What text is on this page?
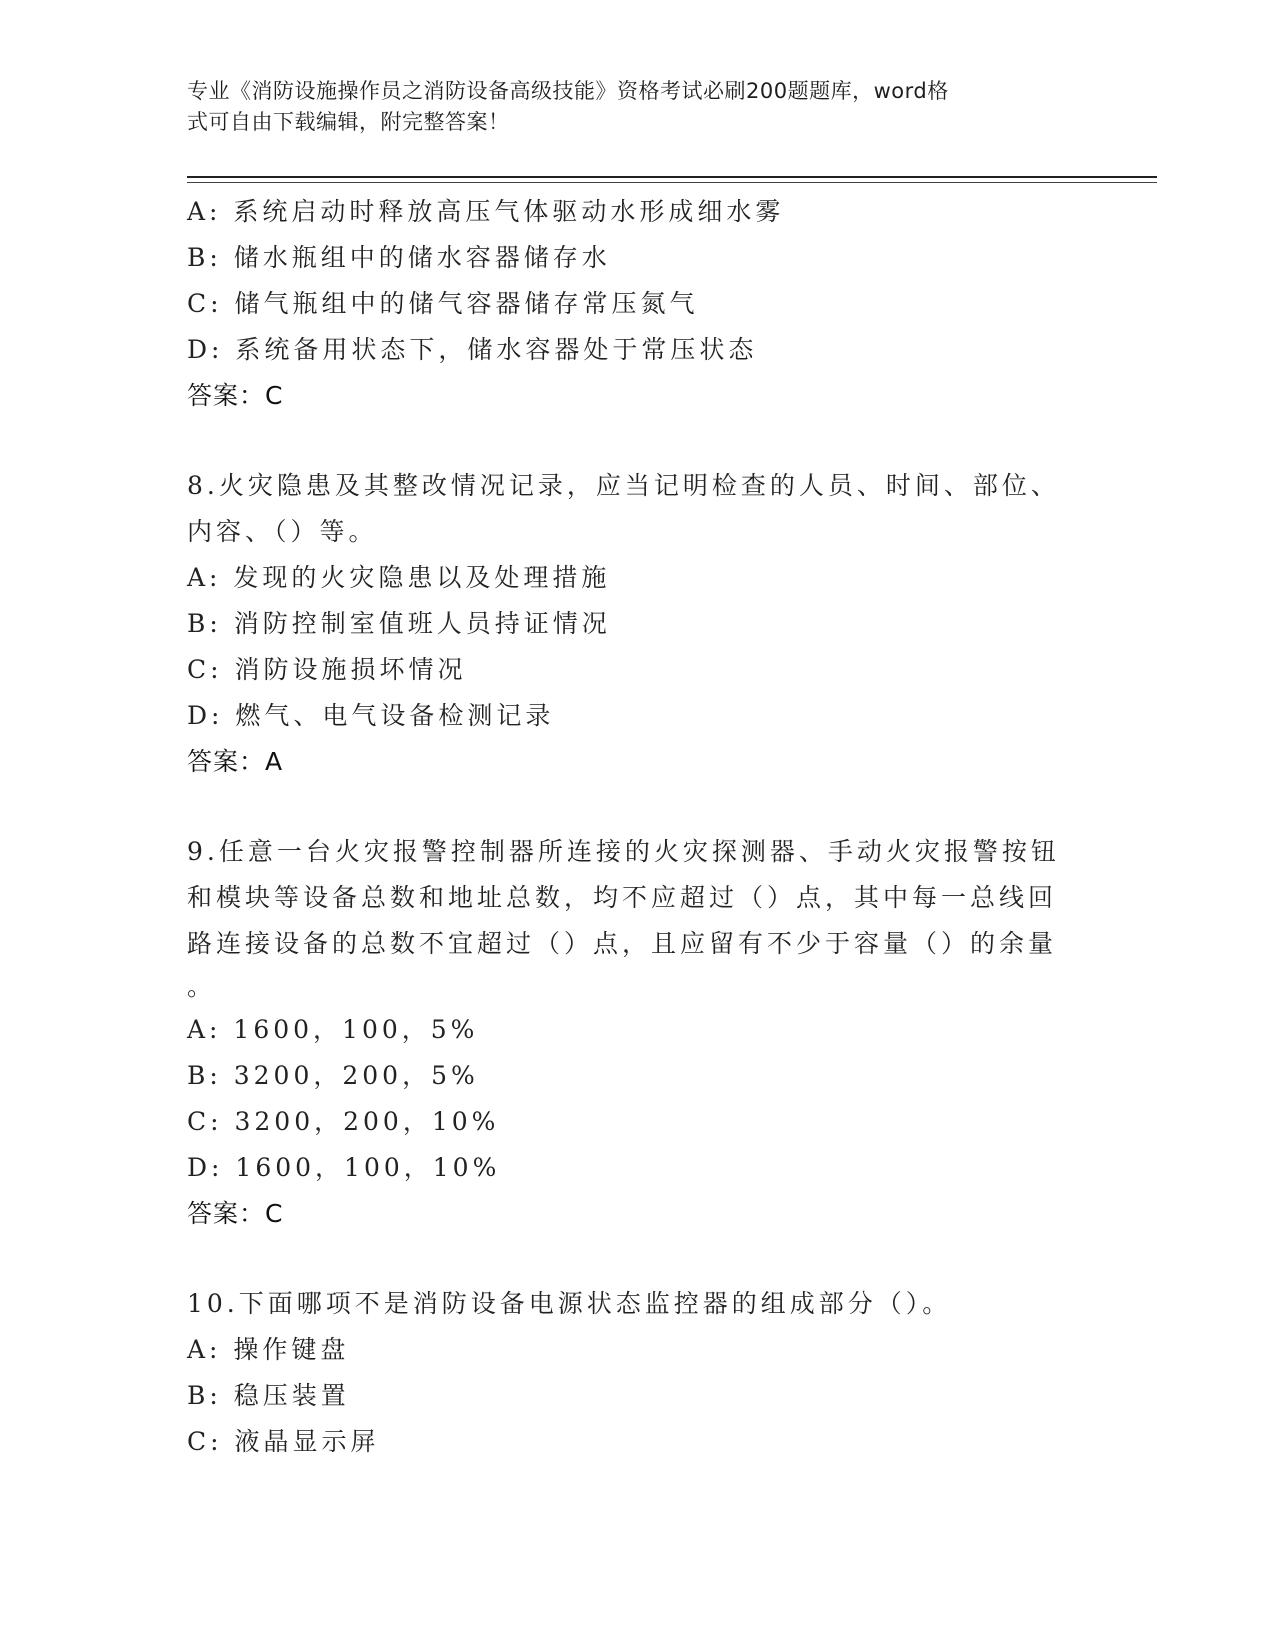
专业《消防设施操作员之消防设备高级技能》资格考试必刷200题题库，word格
式可自由下载编辑，附完整答案！
A: 系统启动时释放高压气体驱动水形成细水雾
B: 储水瓶组中的储水容器储存水
C: 储气瓶组中的储气容器储存常压氮气
D: 系统备用状态下，储水容器处于常压状态
答案：C
8.火灾隐患及其整改情况记录，应当记明检查的人员、时间、部位、
内容、（）等。
A: 发现的火灾隐患以及处理措施
B: 消防控制室值班人员持证情况
C: 消防设施损坏情况
D: 燃气、电气设备检测记录
答案：A
9.任意一台火灾报警控制器所连接的火灾探测器、手动火灾报警按钮
和模块等设备总数和地址总数，均不应超过（）点，其中每一总线回
路连接设备的总数不宜超过（）点，且应留有不少于容量（）的余量
。
A: 1600，100，5%
B: 3200，200，5%
C: 3200，200，10%
D: 1600，100，10%
答案：C
10.下面哪项不是消防设备电源状态监控器的组成部分（）。
A: 操作键盘
B: 稳压装置
C: 液晶显示屏
